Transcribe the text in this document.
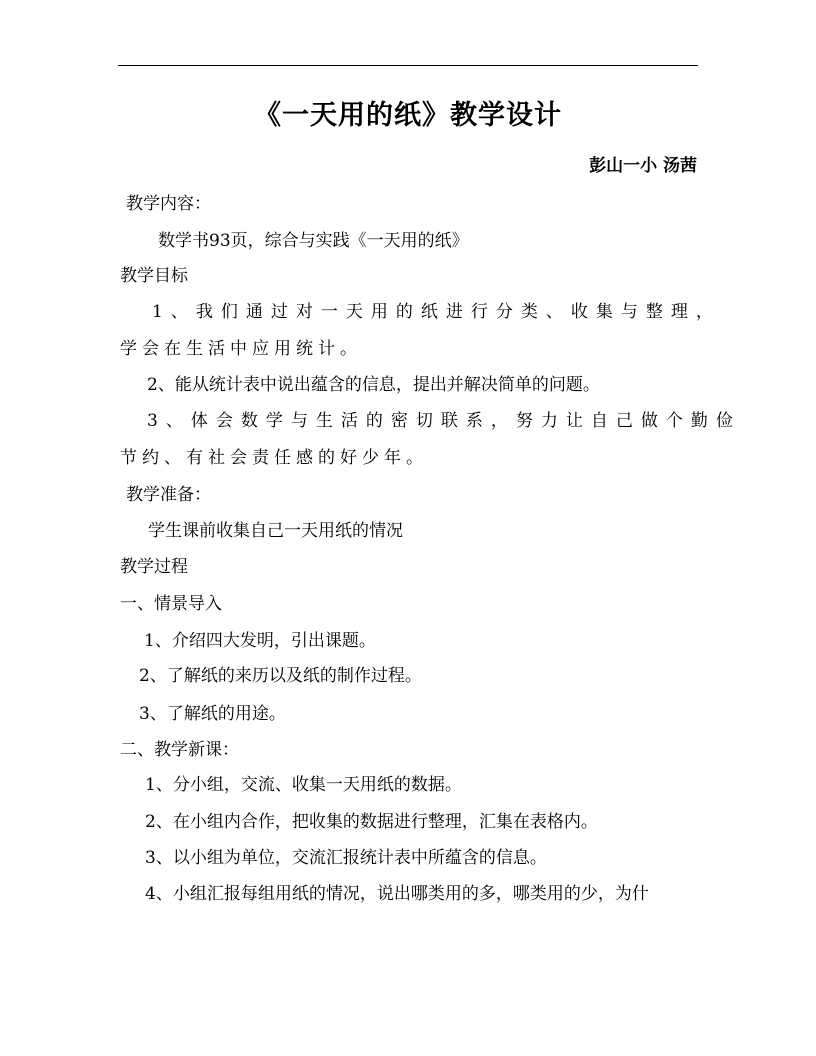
《一天用的纸》教学设计
彭山一小 汤茜
教学内容：
数学书93页，综合与实践《一天用的纸》
教学目标
1、我们通过对一天用的纸进行分类、收集与整理，
学会在生活中应用统计。
2、能从统计表中说出蕴含的信息，提出并解决简单的问题。
3、体会数学与生活的密切联系，努力让自己做个勤俭
节约、有社会责任感的好少年。
教学准备：
学生课前收集自己一天用纸的情况
教学过程
一、情景导入
1、介绍四大发明，引出课题。
2、了解纸的来历以及纸的制作过程。
3、了解纸的用途。
二、教学新课：
1、分小组，交流、收集一天用纸的数据。
2、在小组内合作，把收集的数据进行整理，汇集在表格内。
3、以小组为单位，交流汇报统计表中所蕴含的信息。
4、小组汇报每组用纸的情况，说出哪类用的多，哪类用的少，为什
